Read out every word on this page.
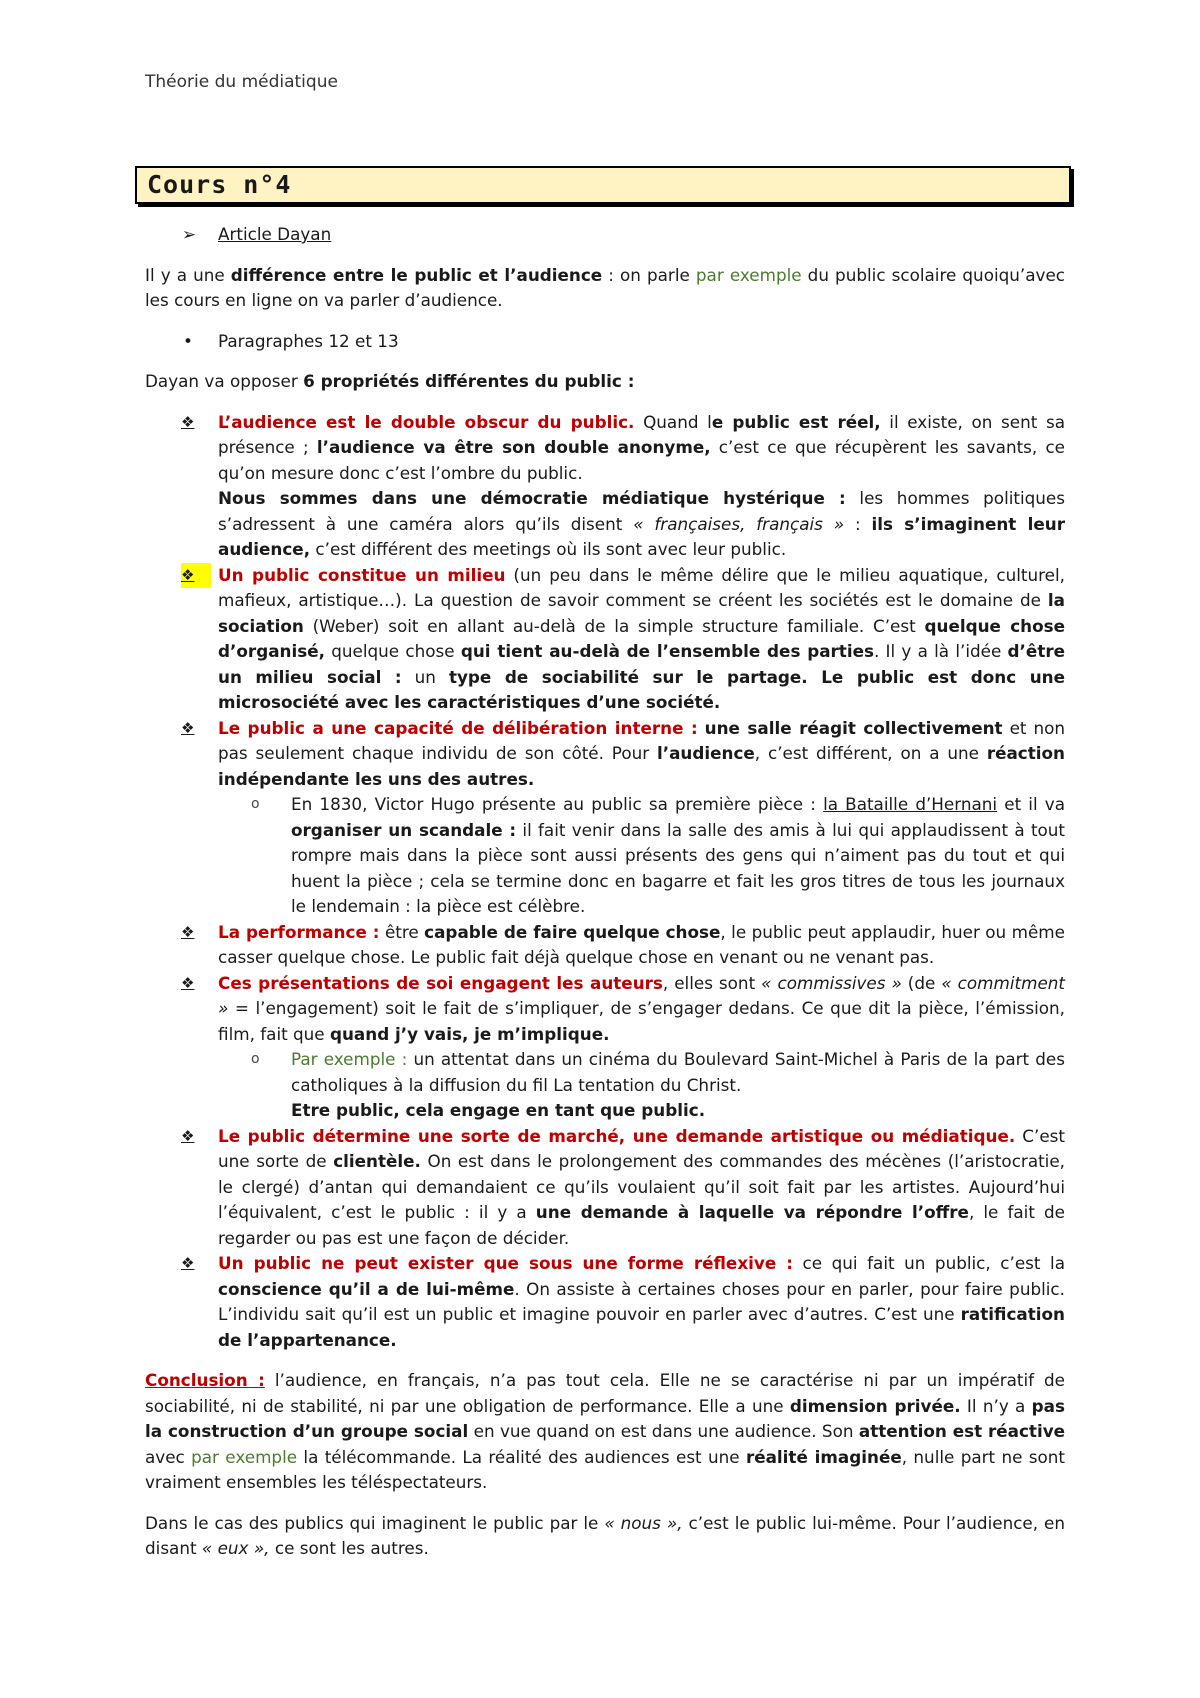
Théorie du médiatique
Cours n°4

➢ Article Dayan

Il y a une différence entre le public et l’audience : on parle par exemple du public scolaire quoiqu’avec les cours en ligne on va parler d’audience.

• Paragraphes 12 et 13

Dayan va opposer 6 propriétés différentes du public :

❖	L’audience est le double obscur du public. Quand le public est réel, il existe, on sent sa présence ; l’audience va être son double anonyme, c’est ce que récupèrent les savants, ce qu’on mesure donc c’est l’ombre du public.
Nous sommes dans une démocratie médiatique hystérique : les hommes politiques s’adressent à une caméra alors qu’ils disent « françaises, français » : ils s’imaginent leur audience, c’est différent des meetings où ils sont avec leur public.

❖	Un public constitue un milieu (un peu dans le même délire que le milieu aquatique, culturel, mafieux, artistique…). La question de savoir comment se créent les sociétés est le domaine de la sociation (Weber) soit en allant au-delà de la simple structure familiale. C’est quelque chose d’organisé, quelque chose qui tient au-delà de l’ensemble des parties. Il y a là l’idée d’être un milieu social : un type de sociabilité sur le partage. Le public est donc une microsociété avec les caractéristiques d’une société.

❖	Le public a une capacité de délibération interne : une salle réagit collectivement et non pas seulement chaque individu de son côté. Pour l’audience, c’est différent, on a une réaction indépendante les uns des autres.

o En 1830, Victor Hugo présente au public sa première pièce : la Bataille d’Hernani et il va organiser un scandale : il fait venir dans la salle des amis à lui qui applaudissent à tout rompre mais dans la pièce sont aussi présents des gens qui n’aiment pas du tout et qui huent la pièce ; cela se termine donc en bagarre et fait les gros titres de tous les journaux le lendemain : la pièce est célèbre.

❖	La performance : être capable de faire quelque chose, le public peut applaudir, huer ou même casser quelque chose. Le public fait déjà quelque chose en venant ou ne venant pas.

❖	Ces présentations de soi engagent les auteurs, elles sont « commissives » (de « commitment » = l’engagement) soit le fait de s’impliquer, de s’engager dedans. Ce que dit la pièce, l’émission, film, fait que quand j’y vais, je m’implique.

o Par exemple : un attentat dans un cinéma du Boulevard Saint-Michel à Paris de la part des catholiques à la diffusion du fil La tentation du Christ.
Etre public, cela engage en tant que public.

❖	Le public détermine une sorte de marché, une demande artistique ou médiatique. C’est une sorte de clientèle. On est dans le prolongement des commandes des mécènes (l’aristocratie, le clergé) d’antan qui demandaient ce qu’ils voulaient qu’il soit fait par les artistes. Aujourd’hui l’équivalent, c’est le public : il y a une demande à laquelle va répondre l’offre, le fait de regarder ou pas est une façon de décider.

❖	Un public ne peut exister que sous une forme réflexive : ce qui fait un public, c’est la conscience qu’il a de lui-même. On assiste à certaines choses pour en parler, pour faire public. L’individu sait qu’il est un public et imagine pouvoir en parler avec d’autres. C’est une ratification de l’appartenance.

Conclusion : l’audience, en français, n’a pas tout cela. Elle ne se caractérise ni par un impératif de sociabilité, ni de stabilité, ni par une obligation de performance. Elle a une dimension privée. Il n’y a pas la construction d’un groupe social en vue quand on est dans une audience. Son attention est réactive avec par exemple la télécommande. La réalité des audiences est une réalité imaginée, nulle part ne sont vraiment ensembles les téléspectateurs.

Dans le cas des publics qui imaginent le public par le « nous », c’est le public lui-même. Pour l’audience, en disant « eux », ce sont les autres.
